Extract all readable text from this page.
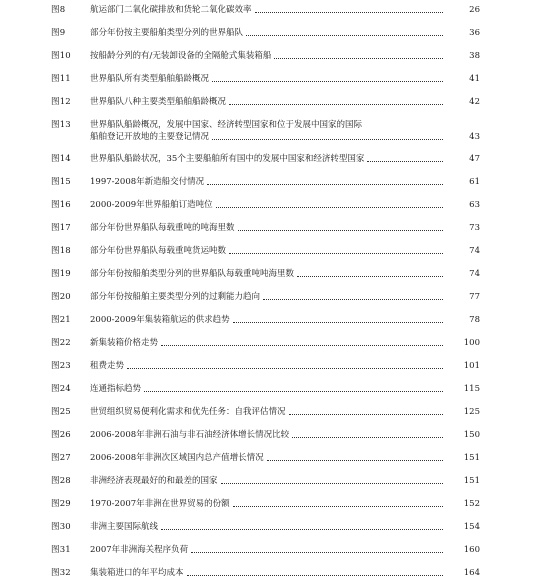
图8	航运部门二氧化碳排放和货轮二氧化碳效率	26
图9	部分年份按主要船舶类型分列的世界船队	36
图10 按船龄分列的有/无装卸设备的全隔舱式集装箱船	38
图11 世界船队所有类型船舶船龄概况	41
图12 世界船队八种主要类型船舶船龄概况	42
图13 世界船队船龄概况，发展中国家、经济转型国家和位于发展中国家的国际
船舶登记开放地的主要登记情况	43
图14 世界船队船龄状况，35个主要船舶所有国中的发展中国家和经济转型国家	47
图15 1997-2008年新造船交付情况	61
图16 2000-2009年世界船舶订造吨位	63
图17 部分年份世界船队每载重吨的吨海里数	73
图18 部分年份世界船队每载重吨货运吨数	74
图19 部分年份按船舶类型分列的世界船队每载重吨吨海里数	74
图20 部分年份按船舶主要类型分列的过剩能力趋向	77
图21 2000-2009年集装箱航运的供求趋势	78
图22 新集装箱价格走势	100
图23 租费走势	101
图24 连通指标趋势	115
图25 世贸组织贸易便利化需求和优先任务：自我评估情况	125
图26 2006-2008年非洲石油与非石油经济体增长情况比较	150
图27 2006-2008年非洲次区域国内总产值增长情况	151
图28 非洲经济表现最好的和最差的国家	151
图29 1970-2007年非洲在世界贸易的份额	152
图30 非洲主要国际航线	154
图31 2007年非洲海关程序负荷	160
图32 集装箱进口的年平均成本	164
